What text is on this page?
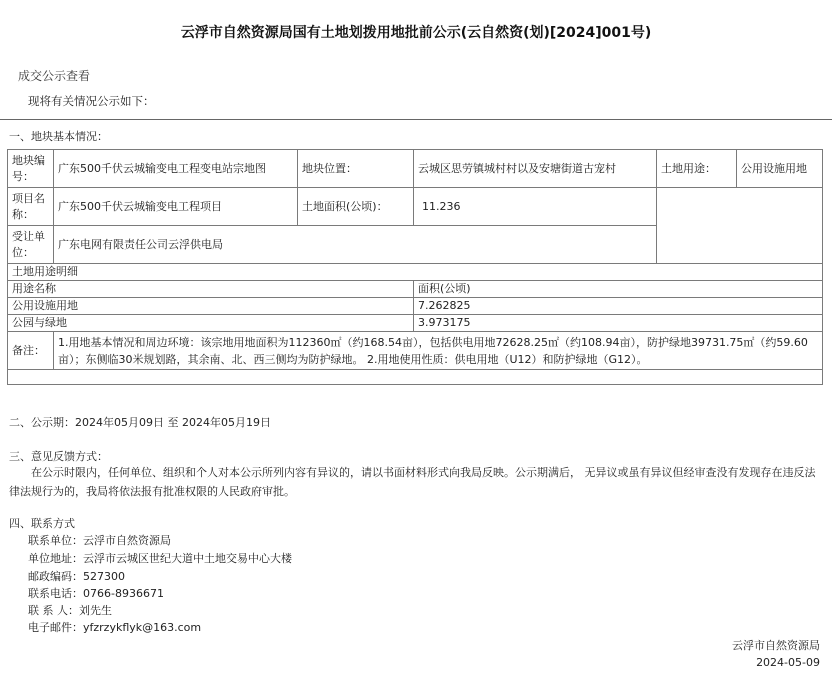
云浮市自然资源局国有土地划拨用地批前公示(云自然资(划)[2024]001号)
成交公示查看
现将有关情况公示如下：
一、地块基本情况：
地块编号：	广东500千伏云城输变电工程变电站宗地图	地块位置：	云城区思劳镇城村村以及安塘街道古宠村	土地用途：	公用设施用地
项目名称：	广东500千伏云城输变电工程项目	土地面积(公顷)：	11.236		
受让单位：	广东电网有限责任公司云浮供电局				
土地用途明细					
用途名称			面积(公顷)		
公用设施用地			7.262825		
公园与绿地			3.973175		
备注：	1.用地基本情况和周边环境：该宗地用地面积为112360㎡（约168.54亩），包括供电用地72628.25㎡（约108.94亩），防护绿地39731.75㎡（约59.60亩）；东侧临30米规划路，其余南、北、西三侧均为防护绿地。 2.用地使用性质：供电用地（U12）和防护绿地（G12）。				

二、公示期：2024年05月09日 至 2024年05月19日
三、意见反馈方式：
在公示时限内，任何单位、组织和个人对本公示所列内容有异议的，请以书面材料形式向我局反映。公示期满后， 无异议或虽有异议但经审查没有发现存在违反法律法规行为的，我局将依法报有批准权限的人民政府审批。
四、联系方式
联系单位：云浮市自然资源局
单位地址：云浮市云城区世纪大道中土地交易中心大楼
邮政编码：527300
联系电话：0766-8936671
联 系 人：刘先生
电子邮件：yfzrzykflyk@163.com
云浮市自然资源局
2024-05-09
